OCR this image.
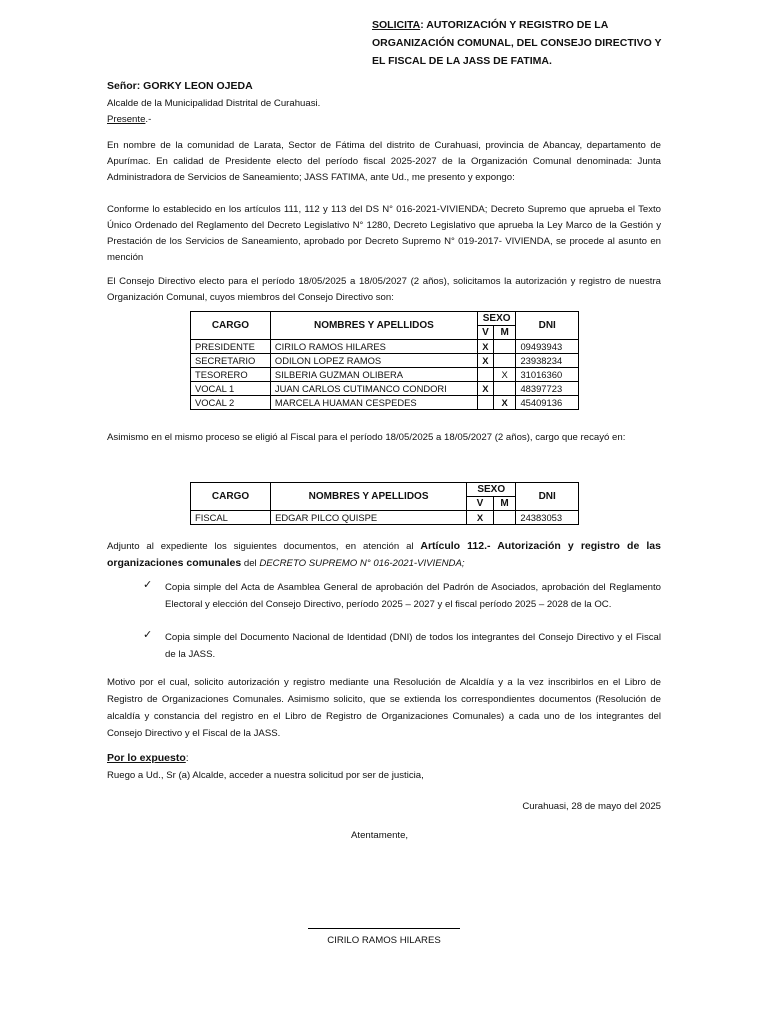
SOLICITA: AUTORIZACIÓN Y REGISTRO DE LA ORGANIZACIÓN COMUNAL, DEL CONSEJO DIRECTIVO Y EL FISCAL DE LA JASS DE FATIMA.
Señor: GORKY LEON OJEDA
Alcalde de la Municipalidad Distrital de Curahuasi.
Presente.-
En nombre de la comunidad de Larata, Sector de Fátima del distrito de Curahuasi, provincia de Abancay, departamento de Apurímac. En calidad de Presidente electo del período fiscal 2025-2027 de la Organización Comunal denominada: Junta Administradora de Servicios de Saneamiento; JASS FATIMA, ante Ud., me presento y expongo:
Conforme lo establecido en los artículos 111, 112 y 113 del DS N° 016-2021-VIVIENDA; Decreto Supremo que aprueba el Texto Único Ordenado del Reglamento del Decreto Legislativo N° 1280, Decreto Legislativo que aprueba la Ley Marco de la Gestión y Prestación de los Servicios de Saneamiento, aprobado por Decreto Supremo N° 019-2017- VIVIENDA, se procede al asunto en mención
El Consejo Directivo electo para el período 18/05/2025 a 18/05/2027 (2 años), solicitamos la autorización y registro de nuestra Organización Comunal, cuyos miembros del Consejo Directivo son:
CARGO	NOMBRES Y APELLIDOS	SEXO		DNI
		V	M	
PRESIDENTE	CIRILO RAMOS HILARES	X		09493943
SECRETARIO	ODILON LOPEZ RAMOS	X		23938234
TESORERO	SILBERIA GUZMAN OLIBERA		X	31016360
VOCAL 1	JUAN CARLOS CUTIMANCO CONDORI	X		48397723
VOCAL 2	MARCELA HUAMAN CESPEDES		X	45409136
Asimismo en el mismo proceso se eligió al Fiscal para el período 18/05/2025 a 18/05/2027 (2 años), cargo que recayó en:
CARGO	NOMBRES Y APELLIDOS	SEXO		DNI
		V	M	
FISCAL	EDGAR PILCO QUISPE	X		24383053
Adjunto al expediente los siguientes documentos, en atención al Artículo 112.- Autorización y registro de las organizaciones comunales del DECRETO SUPREMO N° 016-2021-VIVIENDA;
✓ Copia simple del Acta de Asamblea General de aprobación del Padrón de Asociados, aprobación del Reglamento Electoral y elección del Consejo Directivo, período 2025 – 2027 y el fiscal período 2025 – 2028 de la OC.
✓ Copia simple del Documento Nacional de Identidad (DNI) de todos los integrantes del Consejo Directivo y el Fiscal de la JASS.
Motivo por el cual, solicito autorización y registro mediante una Resolución de Alcaldía y a la vez inscribirlos en el Libro de Registro de Organizaciones Comunales. Asimismo solicito, que se extienda los correspondientes documentos (Resolución de alcaldía y constancia del registro en el Libro de Registro de Organizaciones Comunales) a cada uno de los integrantes del Consejo Directivo y el Fiscal de la JASS.
Por lo expuesto:
Ruego a Ud., Sr (a) Alcalde, acceder a nuestra solicitud por ser de justicia,
Curahuasi, 28 de mayo del 2025
Atentamente,
CIRILO RAMOS HILARES
